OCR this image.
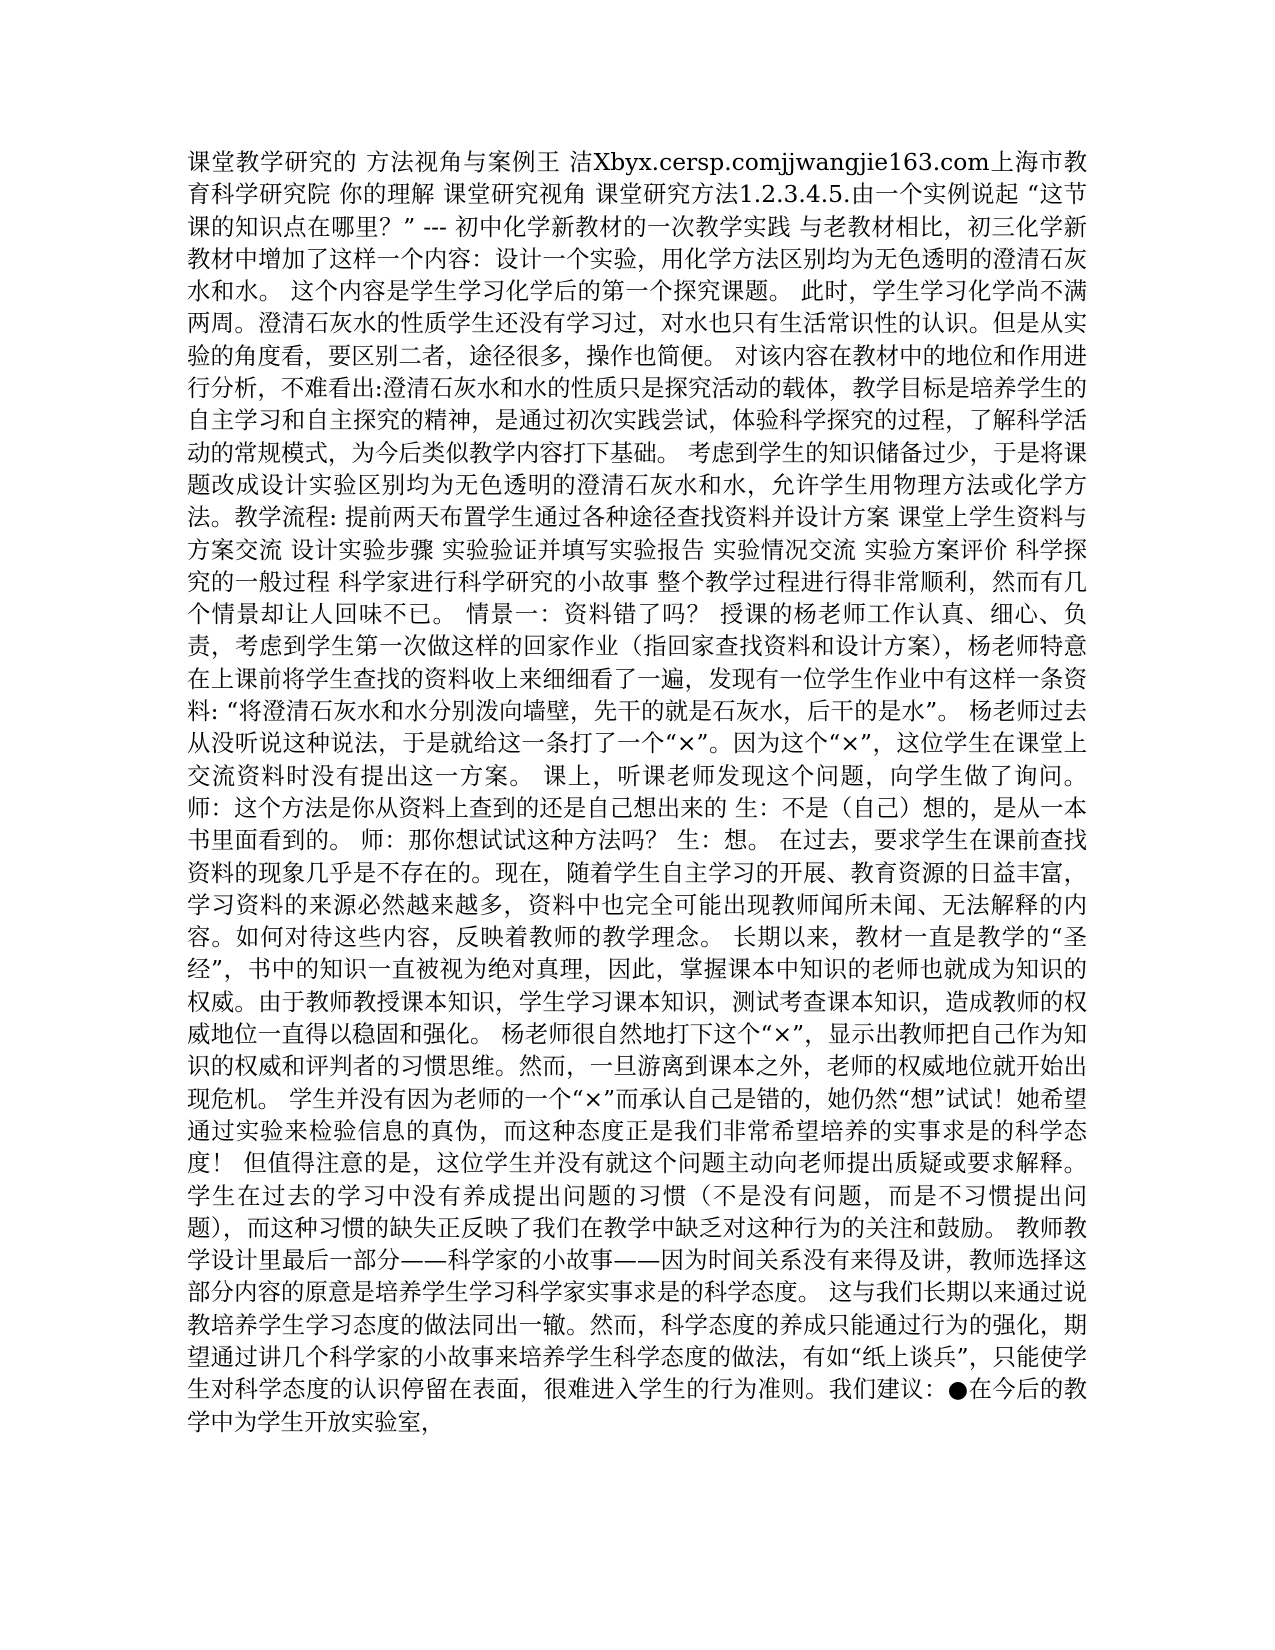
课堂教学研究的 方法视角与案例王 洁Xbyx.cersp.comjjwangjie163.com上海市教育科学研究院 你的理解 课堂研究视角 课堂研究方法1.2.3.4.5.由一个实例说起 “这节课的知识点在哪里？” --- 初中化学新教材的一次教学实践 与老教材相比，初三化学新教材中增加了这样一个内容：设计一个实验，用化学方法区别均为无色透明的澄清石灰水和水。 这个内容是学生学习化学后的第一个探究课题。 此时，学生学习化学尚不满两周。澄清石灰水的性质学生还没有学习过，对水也只有生活常识性的认识。但是从实验的角度看，要区别二者，途径很多，操作也简便。 对该内容在教材中的地位和作用进行分析，不难看出:澄清石灰水和水的性质只是探究活动的载体，教学目标是培养学生的自主学习和自主探究的精神，是通过初次实践尝试，体验科学探究的过程，了解科学活动的常规模式，为今后类似教学内容打下基础。 考虑到学生的知识储备过少，于是将课题改成设计实验区别均为无色透明的澄清石灰水和水，允许学生用物理方法或化学方法。教学流程: 提前两天布置学生通过各种途径查找资料并设计方案 课堂上学生资料与方案交流 设计实验步骤 实验验证并填写实验报告 实验情况交流 实验方案评价 科学探究的一般过程 科学家进行科学研究的小故事 整个教学过程进行得非常顺利，然而有几个情景却让人回味不已。 情景一：资料错了吗？ 授课的杨老师工作认真、细心、负责，考虑到学生第一次做这样的回家作业（指回家查找资料和设计方案），杨老师特意在上课前将学生查找的资料收上来细细看了一遍，发现有一位学生作业中有这样一条资料: “将澄清石灰水和水分别泼向墙壁，先干的就是石灰水，后干的是水”。 杨老师过去从没听说这种说法，于是就给这一条打了一个“×”。因为这个“×”，这位学生在课堂上交流资料时没有提出这一方案。 课上，听课老师发现这个问题，向学生做了询问。 师：这个方法是你从资料上查到的还是自己想出来的 生：不是（自己）想的，是从一本书里面看到的。 师：那你想试试这种方法吗？ 生：想。 在过去，要求学生在课前查找资料的现象几乎是不存在的。现在，随着学生自主学习的开展、教育资源的日益丰富，学习资料的来源必然越来越多，资料中也完全可能出现教师闻所未闻、无法解释的内容。如何对待这些内容，反映着教师的教学理念。 长期以来，教材一直是教学的“圣经”，书中的知识一直被视为绝对真理，因此，掌握课本中知识的老师也就成为知识的权威。由于教师教授课本知识，学生学习课本知识，测试考查课本知识，造成教师的权威地位一直得以稳固和强化。 杨老师很自然地打下这个“×”，显示出教师把自己作为知识的权威和评判者的习惯思维。然而，一旦游离到课本之外，老师的权威地位就开始出现危机。 学生并没有因为老师的一个“×”而承认自己是错的，她仍然“想”试试！她希望通过实验来检验信息的真伪，而这种态度正是我们非常希望培养的实事求是的科学态度！ 但值得注意的是，这位学生并没有就这个问题主动向老师提出质疑或要求解释。 学生在过去的学习中没有养成提出问题的习惯（不是没有问题，而是不习惯提出问题），而这种习惯的缺失正反映了我们在教学中缺乏对这种行为的关注和鼓励。 教师教学设计里最后一部分——科学家的小故事——因为时间关系没有来得及讲，教师选择这部分内容的原意是培养学生学习科学家实事求是的科学态度。 这与我们长期以来通过说教培养学生学习态度的做法同出一辙。然而，科学态度的养成只能通过行为的强化，期望通过讲几个科学家的小故事来培养学生科学态度的做法，有如“纸上谈兵”，只能使学生对科学态度的认识停留在表面，很难进入学生的行为准则。我们建议：●在今后的教学中为学生开放实验室，
